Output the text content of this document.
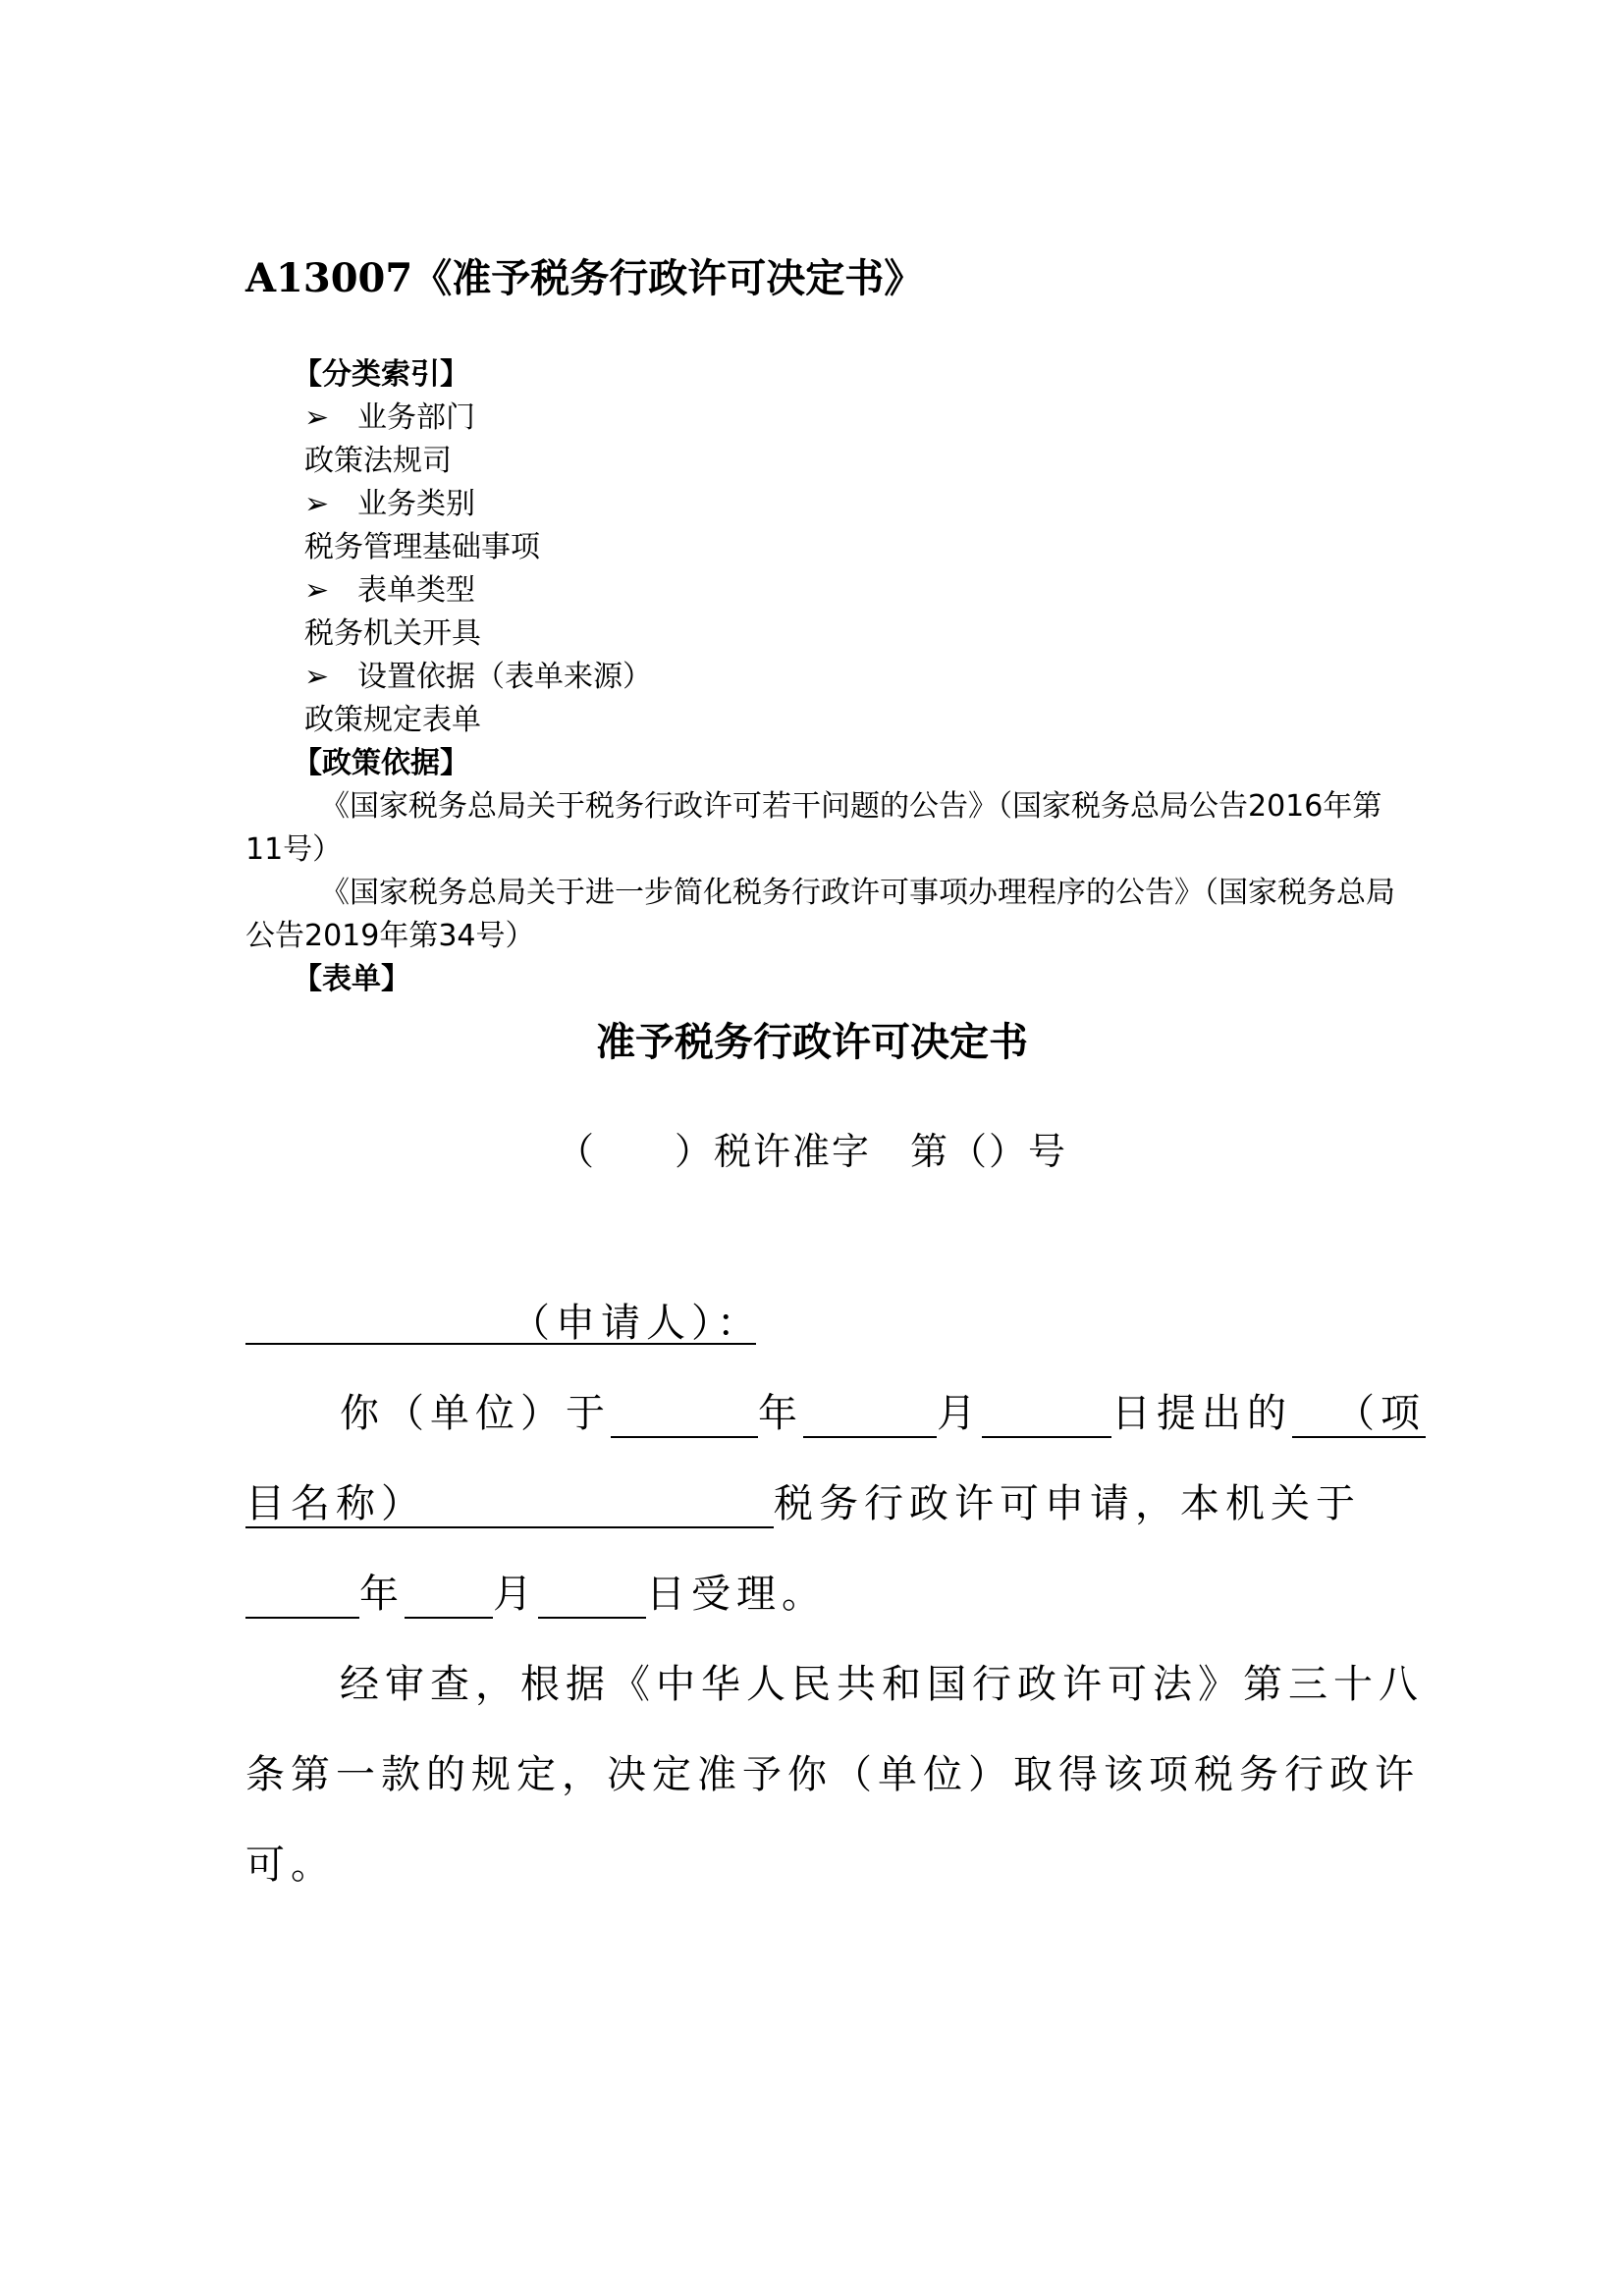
A13007《准予税务行政许可决定书》
【分类索引】
➢ 业务部门
政策法规司
➢ 业务类别
税务管理基础事项
➢ 表单类型
税务机关开具
➢ 设置依据（表单来源）
政策规定表单
【政策依据】
《国家税务总局关于税务行政许可若干问题的公告》（国家税务总局公告2016年第11号）
《国家税务总局关于进一步简化税务行政许可事项办理程序的公告》（国家税务总局公告2019年第34号）
【表单】
准予税务行政许可决定书
（　　）税许准字　第（）号
（申请人）：
你（单位）于	年	月	日提出的 （项
目名称）	税务行政许可申请，本机关于
年 月	日受理。
经审查，根据《中华人民共和国行政许可法》第三十八
条第一款的规定，决定准予你（单位）取得该项税务行政许
可。
